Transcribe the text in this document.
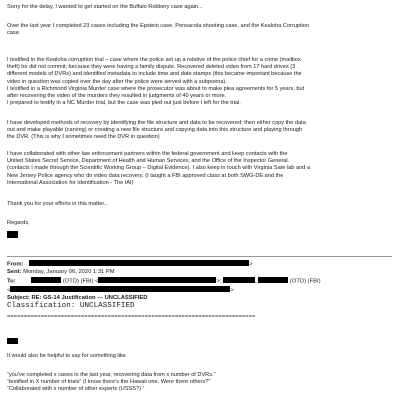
Sorry for the delay, I wanted to get started on the Buffalo Robbery case again...

Over the last year I completed 23 cases including the Epstein case, Pensacola shooting case, and the Kealoha Corruption

case.

I testified in the Kealoha corruption trial – case where the police set up a relative of the police chief for a crime (mailbox

theft) he did not commit; because they were having a family dispute. Recovered deleted video from 17 hard drives (3

different models of DVRs) and identified metadata to include time and date stamps (this became important because the

video in question was copied over the day after the police were served with a subpoena).

I testified in a Richmond Virginia Murder case where the prosecutor was about to make plea agreements for 5 years, but

after recovering the video of the murders they resulted in judgments of 40 years or more.

I prepared to testify in a NC Murder trial, but the case was pled out just before I left for the trial.

I have developed methods of recovery by identifying the file structure and data to be recovered; then either copy the data

out and make playable (carving) or creating a new file structure and copying data into this structure and playing through

the DVR. (This is why I sometimes need the DVR in question)

I have collaborated with other law enforcement partners within the federal government and keep contacts with the

United States Secret Service, Department of Health and Human Services, and the Office of the Inspector General.

(contacts I made through the Scientific Working Group – Digital Evidence). I also keep in touch with Virginia Sate lab and a

New Jersey Police agency who do video data recovery. (I taught a FBI approved class at both SWG-DE and the

International Association for Identification - The IAI)

Thank you for your efforts in this matter...

Regards,

From:	>
Sent: Monday, January 06, 2020 1:31 PM
To:	(OTD) (FBI) <	>;	,	(OTD) (FBI)
<	>
Subject: RE: GS-14 Justification --- UNCLASSIFIED

Classification: UNCLASSIFIED

==========================================================================

It would also be helpful to say for something like

“you've completed x cases in the last year, recovering data from x number of DVRs.”

“testified in X number of trials” (I know there's the Hawaii one. Were there others?”

“Collaborated with x number of other experts (USSS?) ”
